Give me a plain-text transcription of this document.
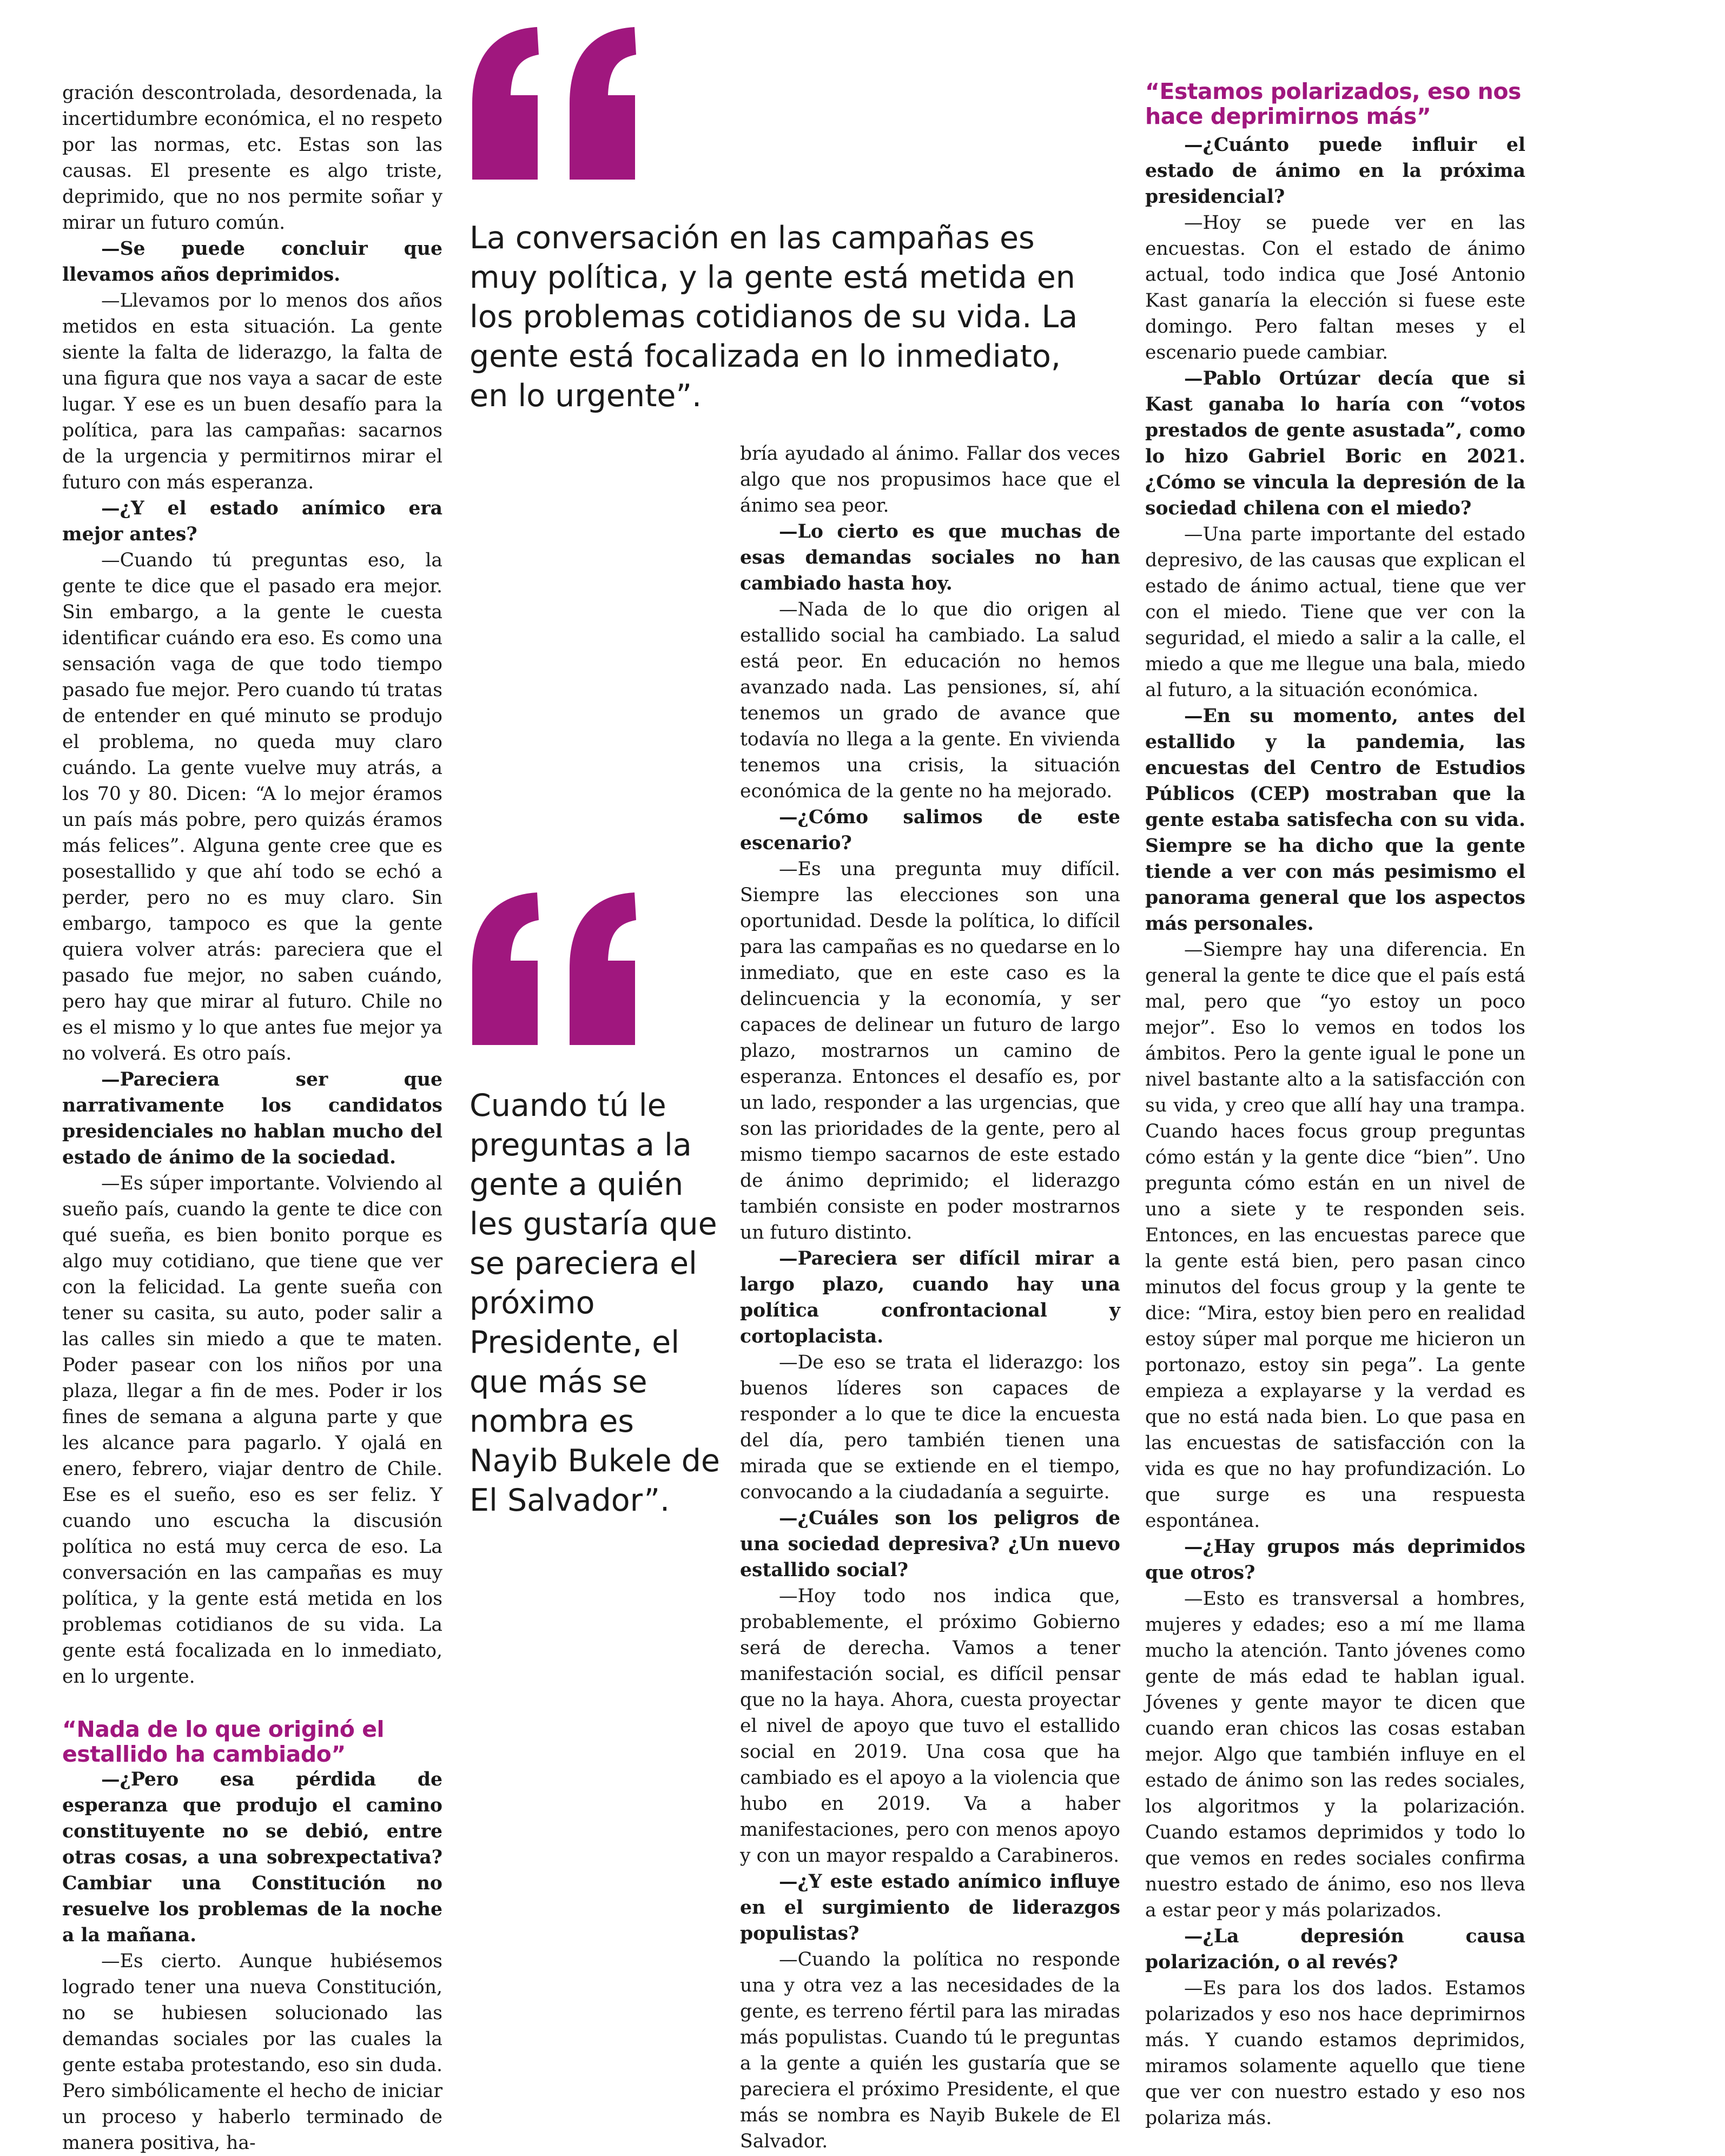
gración descontrolada, desordenada, la incertidumbre económica, el no respeto por las normas, etc. Estas son las causas. El presente es algo triste, deprimido, que no nos permite soñar y mirar un futuro común.

—Se puede concluir que llevamos años deprimidos.

—Llevamos por lo menos dos años metidos en esta situación. La gente siente la falta de liderazgo, la falta de una figura que nos vaya a sacar de este lugar. Y ese es un buen desafío para la política, para las campañas: sacarnos de la urgencia y permitirnos mirar el futuro con más esperanza.

—¿Y el estado anímico era mejor antes?

—Cuando tú preguntas eso, la gente te dice que el pasado era mejor. Sin embargo, a la gente le cuesta identificar cuándo era eso. Es como una sensación vaga de que todo tiempo pasado fue mejor. Pero cuando tú tratas de entender en qué minuto se produjo el problema, no queda muy claro cuándo. La gente vuelve muy atrás, a los 70 y 80. Dicen: “A lo mejor éramos un país más pobre, pero quizás éramos más felices”. Alguna gente cree que es posestallido y que ahí todo se echó a perder, pero no es muy claro. Sin embargo, tampoco es que la gente quiera volver atrás: pareciera que el pasado fue mejor, no saben cuándo, pero hay que mirar al futuro. Chile no es el mismo y lo que antes fue mejor ya no volverá. Es otro país.

—Pareciera ser que narrativamente los candidatos presidenciales no hablan mucho del estado de ánimo de la sociedad.

—Es súper importante. Volviendo al sueño país, cuando la gente te dice con qué sueña, es bien bonito porque es algo muy cotidiano, que tiene que ver con la felicidad. La gente sueña con tener su casita, su auto, poder salir a las calles sin miedo a que te maten. Poder pasear con los niños por una plaza, llegar a fin de mes. Poder ir los fines de semana a alguna parte y que les alcance para pagarlo. Y ojalá en enero, febrero, viajar dentro de Chile. Ese es el sueño, eso es ser feliz. Y cuando uno escucha la discusión política no está muy cerca de eso. La conversación en las campañas es muy política, y la gente está metida en los problemas cotidianos de su vida. La gente está focalizada en lo inmediato, en lo urgente.

“Nada de lo que originó el estallido ha cambiado”

—¿Pero esa pérdida de esperanza que produjo el camino constituyente no se debió, entre otras cosas, a una sobrexpectativa? Cambiar una Constitución no resuelve los problemas de la noche a la mañana.

—Es cierto. Aunque hubiésemos logrado tener una nueva Constitución, no se hubiesen solucionado las demandas sociales por las cuales la gente estaba protestando, eso sin duda. Pero simbólicamente el hecho de iniciar un proceso y haberlo terminado de manera positiva, ha-

La conversación en las campañas es muy política, y la gente está metida en los problemas cotidianos de su vida. La gente está focalizada en lo inmediato, en lo urgente”.

Cuando tú le preguntas a la gente a quién les gustaría que se pareciera el próximo Presidente, el que más se nombra es Nayib Bukele de El Salvador”.

bría ayudado al ánimo. Fallar dos veces algo que nos propusimos hace que el ánimo sea peor.

—Lo cierto es que muchas de esas demandas sociales no han cambiado hasta hoy.

—Nada de lo que dio origen al estallido social ha cambiado. La salud está peor. En educación no hemos avanzado nada. Las pensiones, sí, ahí tenemos un grado de avance que todavía no llega a la gente. En vivienda tenemos una crisis, la situación económica de la gente no ha mejorado.

—¿Cómo salimos de este escenario?

—Es una pregunta muy difícil. Siempre las elecciones son una oportunidad. Desde la política, lo difícil para las campañas es no quedarse en lo inmediato, que en este caso es la delincuencia y la economía, y ser capaces de delinear un futuro de largo plazo, mostrarnos un camino de esperanza. Entonces el desafío es, por un lado, responder a las urgencias, que son las prioridades de la gente, pero al mismo tiempo sacarnos de este estado de ánimo deprimido; el liderazgo también consiste en poder mostrarnos un futuro distinto.

—Pareciera ser difícil mirar a largo plazo, cuando hay una política confrontacional y cortoplacista.

—De eso se trata el liderazgo: los buenos líderes son capaces de responder a lo que te dice la encuesta del día, pero también tienen una mirada que se extiende en el tiempo, convocando a la ciudadanía a seguirte.

—¿Cuáles son los peligros de una sociedad depresiva? ¿Un nuevo estallido social?

—Hoy todo nos indica que, probablemente, el próximo Gobierno será de derecha. Vamos a tener manifestación social, es difícil pensar que no la haya. Ahora, cuesta proyectar el nivel de apoyo que tuvo el estallido social en 2019. Una cosa que ha cambiado es el apoyo a la violencia que hubo en 2019. Va a haber manifestaciones, pero con menos apoyo y con un mayor respaldo a Carabineros.

—¿Y este estado anímico influye en el surgimiento de liderazgos populistas?

—Cuando la política no responde una y otra vez a las necesidades de la gente, es terreno fértil para las miradas más populistas. Cuando tú le preguntas a la gente a quién les gustaría que se pareciera el próximo Presidente, el que más se nombra es Nayib Bukele de El Salvador.

“Estamos polarizados, eso nos hace deprimirnos más”

—¿Cuánto puede influir el estado de ánimo en la próxima presidencial?

—Hoy se puede ver en las encuestas. Con el estado de ánimo actual, todo indica que José Antonio Kast ganaría la elección si fuese este domingo. Pero faltan meses y el escenario puede cambiar.

—Pablo Ortúzar decía que si Kast ganaba lo haría con “votos prestados de gente asustada”, como lo hizo Gabriel Boric en 2021. ¿Cómo se vincula la depresión de la sociedad chilena con el miedo?

—Una parte importante del estado depresivo, de las causas que explican el estado de ánimo actual, tiene que ver con el miedo. Tiene que ver con la seguridad, el miedo a salir a la calle, el miedo a que me llegue una bala, miedo al futuro, a la situación económica.

—En su momento, antes del estallido y la pandemia, las encuestas del Centro de Estudios Públicos (CEP) mostraban que la gente estaba satisfecha con su vida. Siempre se ha dicho que la gente tiende a ver con más pesimismo el panorama general que los aspectos más personales.

—Siempre hay una diferencia. En general la gente te dice que el país está mal, pero que “yo estoy un poco mejor”. Eso lo vemos en todos los ámbitos. Pero la gente igual le pone un nivel bastante alto a la satisfacción con su vida, y creo que allí hay una trampa. Cuando haces focus group preguntas cómo están y la gente dice “bien”. Uno pregunta cómo están en un nivel de uno a siete y te responden seis. Entonces, en las encuestas parece que la gente está bien, pero pasan cinco minutos del focus group y la gente te dice: “Mira, estoy bien pero en realidad estoy súper mal porque me hicieron un portonazo, estoy sin pega”. La gente empieza a explayarse y la verdad es que no está nada bien. Lo que pasa en las encuestas de satisfacción con la vida es que no hay profundización. Lo que surge es una respuesta espontánea.

—¿Hay grupos más deprimidos que otros?

—Esto es transversal a hombres, mujeres y edades; eso a mí me llama mucho la atención. Tanto jóvenes como gente de más edad te hablan igual. Jóvenes y gente mayor te dicen que cuando eran chicos las cosas estaban mejor. Algo que también influye en el estado de ánimo son las redes sociales, los algoritmos y la polarización. Cuando estamos deprimidos y todo lo que vemos en redes sociales confirma nuestro estado de ánimo, eso nos lleva a estar peor y más polarizados.

—¿La depresión causa polarización, o al revés?

—Es para los dos lados. Estamos polarizados y eso nos hace deprimirnos más. Y cuando estamos deprimidos, miramos solamente aquello que tiene que ver con nuestro estado y eso nos polariza más.
